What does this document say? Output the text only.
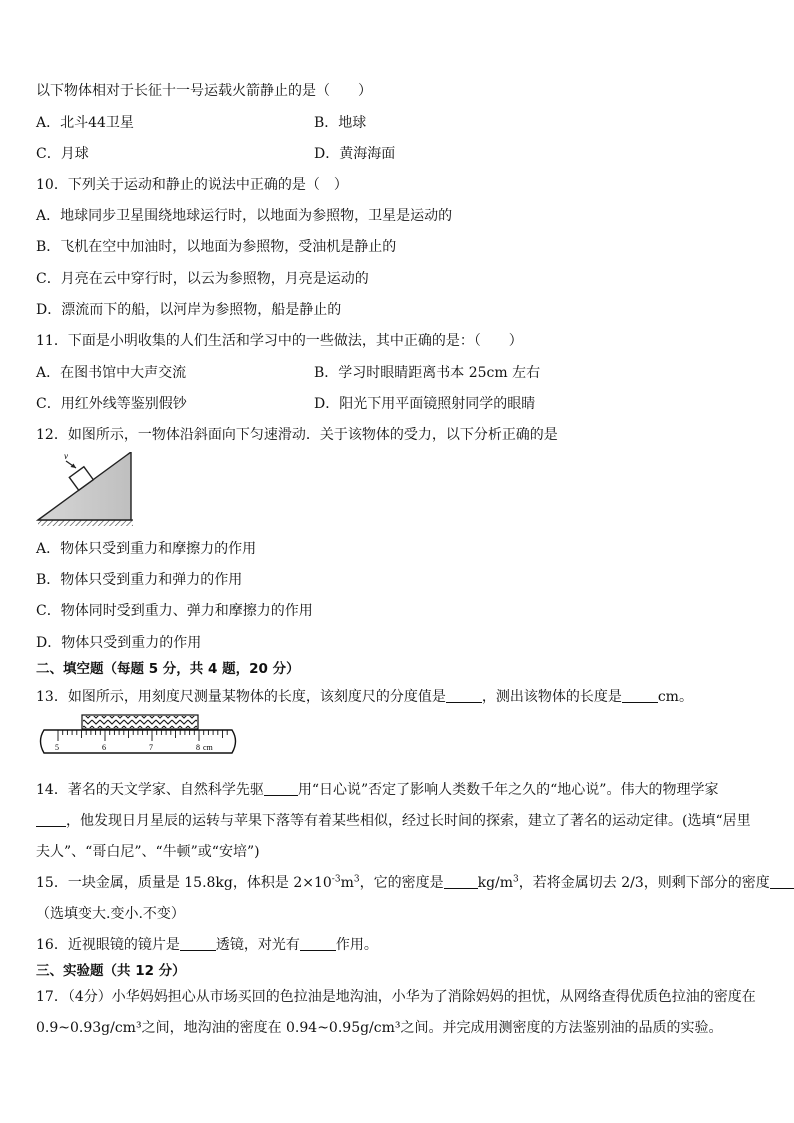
以下物体相对于长征十一号运载火箭静止的是（　　）
A．北斗44卫星	B．地球
C．月球	D．黄海海面
10．下列关于运动和静止的说法中正确的是（　）
A．地球同步卫星围绕地球运行时，以地面为参照物，卫星是运动的
B．飞机在空中加油时，以地面为参照物，受油机是静止的
C．月亮在云中穿行时，以云为参照物，月亮是运动的
D．漂流而下的船，以河岸为参照物，船是静止的
11．下面是小明收集的人们生活和学习中的一些做法，其中正确的是：（　　）
A．在图书馆中大声交流	B．学习时眼睛距离书本 25cm 左右
C．用红外线等鉴别假钞	D．阳光下用平面镜照射同学的眼睛
12．如图所示，一物体沿斜面向下匀速滑动．关于该物体的受力，以下分析正确的是
v
A．物体只受到重力和摩擦力的作用
B．物体只受到重力和弹力的作用
C．物体同时受到重力、弹力和摩擦力的作用
D．物体只受到重力的作用
二、填空题（每题 5 分，共 4 题，20 分）
13．如图所示，用刻度尺测量某物体的长度，该刻度尺的分度值是	，测出该物体的长度是	cm。
5	6	7	8 cm
14．著名的天文学家、自然科学先驱 用“日心说”否定了影响人类数千年之久的“地心说”。伟大的物理学家
，他发现日月星辰的运转与苹果下落等有着某些相似，经过长时间的探索，建立了著名的运动定律。(选填“居里
夫人”、“哥白尼”、“牛顿”或“安培”)
15．一块金属，质量是 15.8kg，体积是 $2\times 10^{-3}m^3$，它的密度是 $kg/m^3$，若将金属切去 2/3，则剩下部分的密度
（选填变大.变小.不变）
16．近视眼镜的镜片是	透镜，对光有	作用。
三、实验题（共 12 分）
17．（4分）小华妈妈担心从市场买回的色拉油是地沟油，小华为了消除妈妈的担忧，从网络查得优质色拉油的密度在
0.9~0.93g/cm³之间，地沟油的密度在 0.94~0.95g/cm³之间。并完成用测密度的方法鉴别油的品质的实验。
